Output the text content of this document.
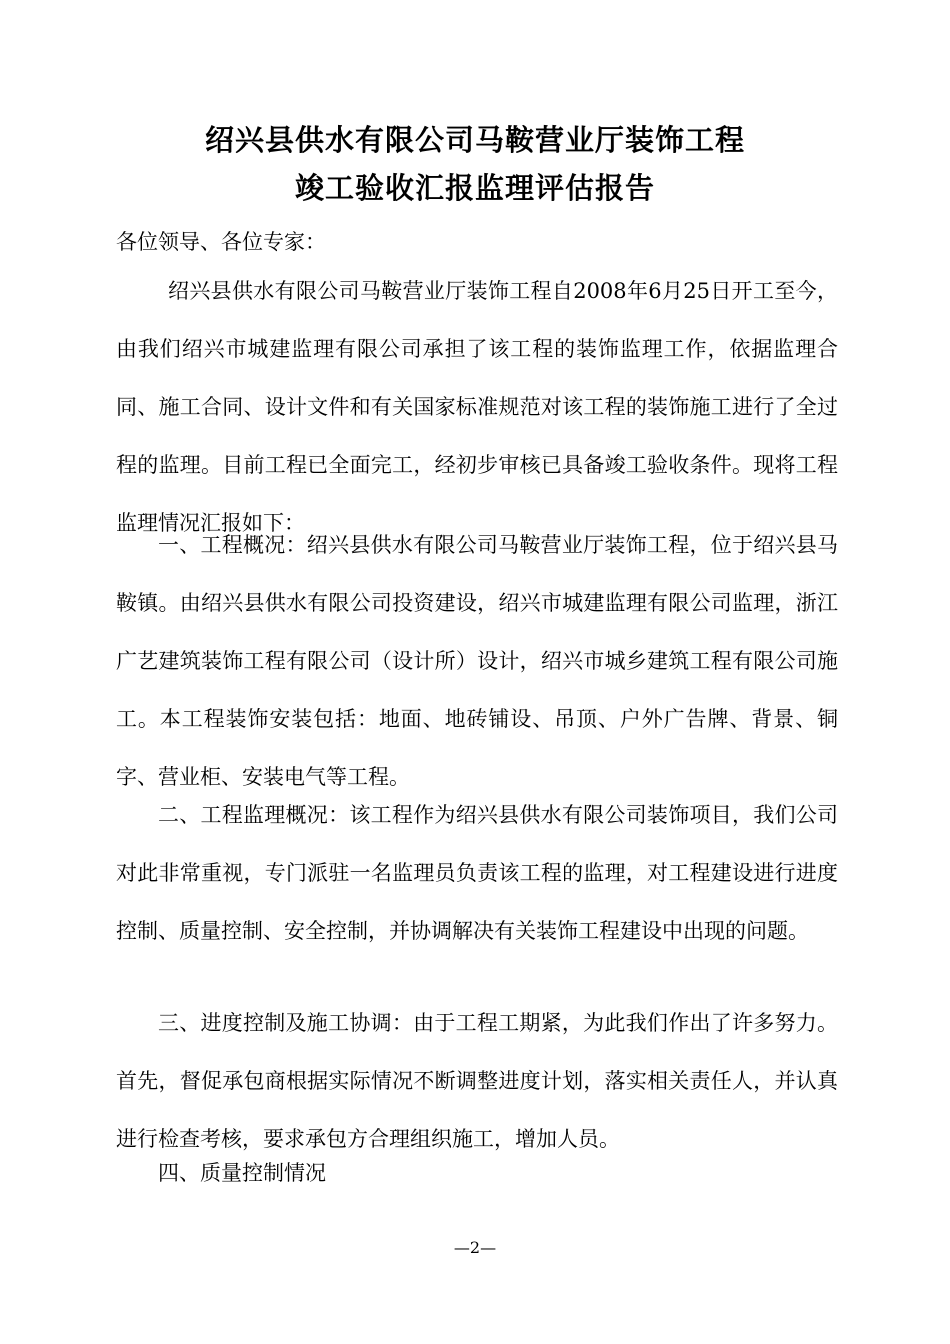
绍兴县供水有限公司马鞍营业厅装饰工程
竣工验收汇报监理评估报告
各位领导、各位专家：
绍兴县供水有限公司马鞍营业厅装饰工程自2008年6月25日开工至今，由我们绍兴市城建监理有限公司承担了该工程的装饰监理工作，依据监理合同、施工合同、设计文件和有关国家标准规范对该工程的装饰施工进行了全过程的监理。目前工程已全面完工，经初步审核已具备竣工验收条件。现将工程监理情况汇报如下：
一、工程概况：绍兴县供水有限公司马鞍营业厅装饰工程，位于绍兴县马鞍镇。由绍兴县供水有限公司投资建设，绍兴市城建监理有限公司监理，浙江广艺建筑装饰工程有限公司（设计所）设计，绍兴市城乡建筑工程有限公司施工。本工程装饰安装包括：地面、地砖铺设、吊顶、户外广告牌、背景、铜字、营业柜、安装电气等工程。
二、工程监理概况：该工程作为绍兴县供水有限公司装饰项目，我们公司对此非常重视，专门派驻一名监理员负责该工程的监理，对工程建设进行进度控制、质量控制、安全控制，并协调解决有关装饰工程建设中出现的问题。
三、进度控制及施工协调：由于工程工期紧，为此我们作出了许多努力。首先，督促承包商根据实际情况不断调整进度计划，落实相关责任人，并认真进行检查考核，要求承包方合理组织施工，增加人员。
四、质量控制情况
—2—
